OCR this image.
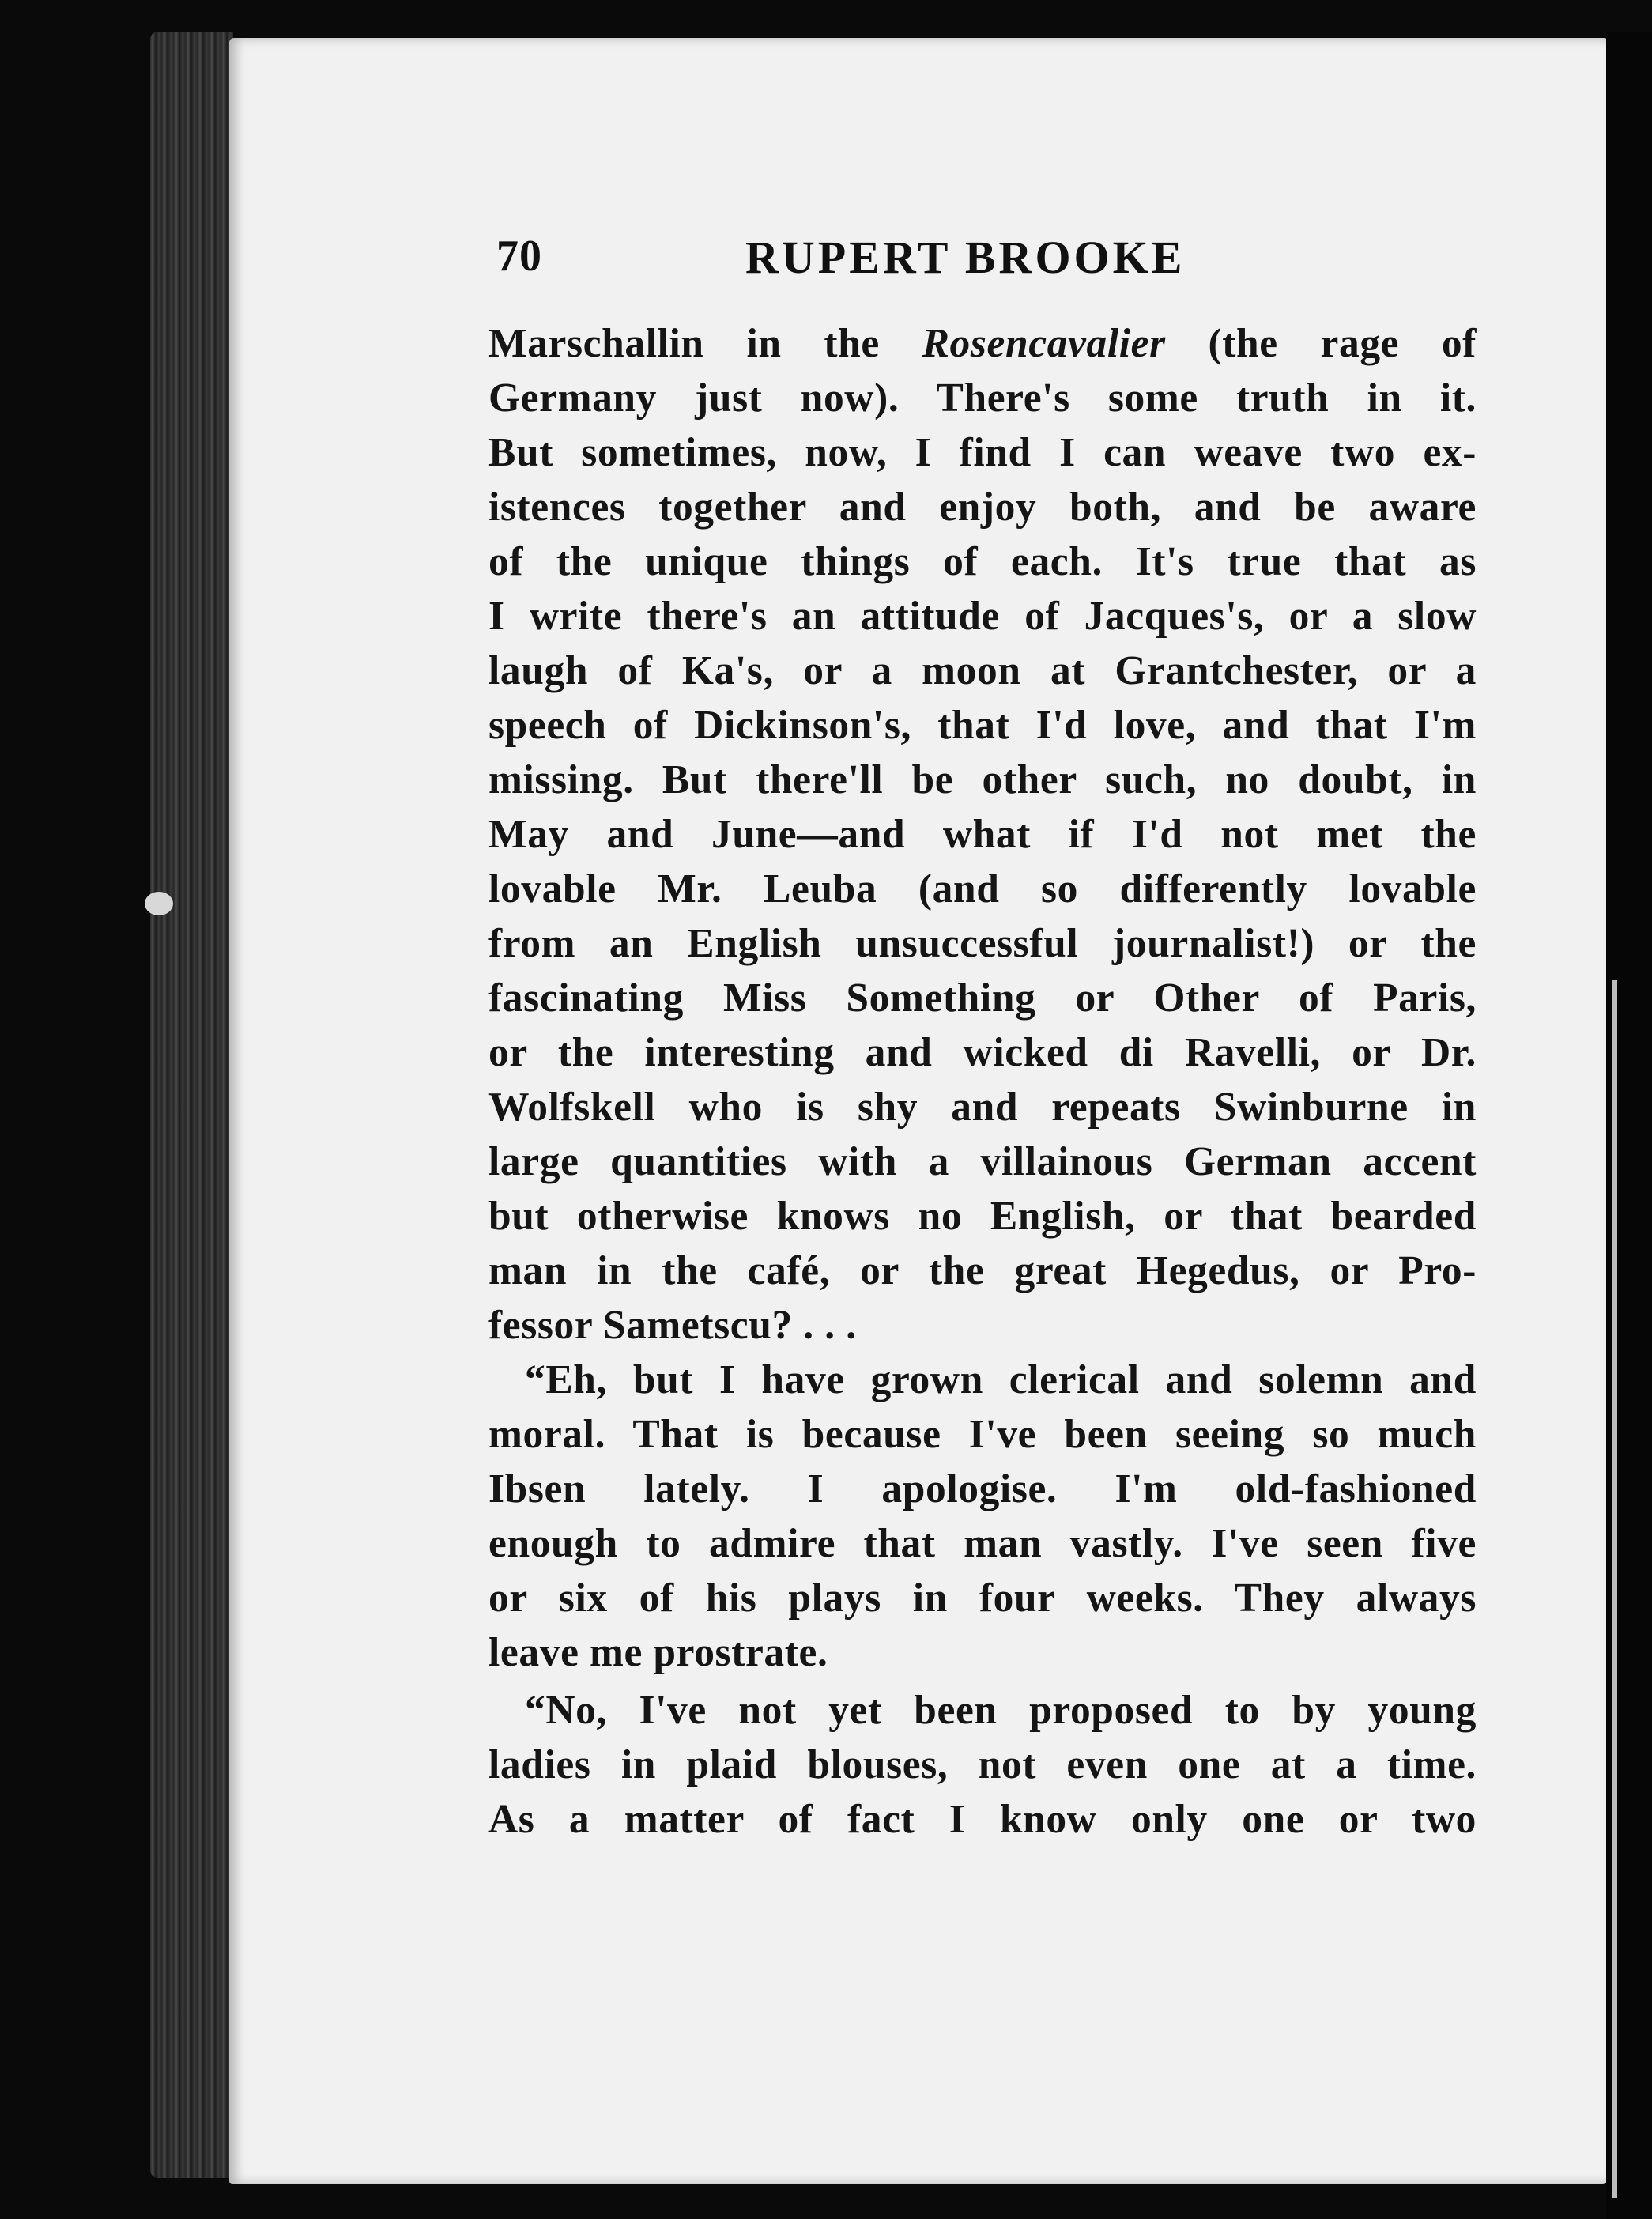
70	RUPERT BROOKE
Marschallin in the Rosencavalier (the rage of
Germany just now). There's some truth in it.
But sometimes, now, I find I can weave two ex-
istences together and enjoy both, and be aware
of the unique things of each. It's true that as
I write there's an attitude of Jacques's, or a slow
laugh of Ka's, or a moon at Grantchester, or a
speech of Dickinson's, that I'd love, and that I'm
missing. But there'll be other such, no doubt, in
May and June—and what if I'd not met the
lovable Mr. Leuba (and so differently lovable
from an English unsuccessful journalist!) or the
fascinating Miss Something or Other of Paris,
or the interesting and wicked di Ravelli, or Dr.
Wolfskell who is shy and repeats Swinburne in
large quantities with a villainous German accent
but otherwise knows no English, or that bearded
man in the café, or the great Hegedus, or Pro-
fessor Sametscu? . . .
“Eh, but I have grown clerical and solemn and
moral. That is because I've been seeing so much
Ibsen lately. I apologise. I'm old-fashioned
enough to admire that man vastly. I've seen five
or six of his plays in four weeks. They always
leave me prostrate.
“No, I've not yet been proposed to by young
ladies in plaid blouses, not even one at a time.
As a matter of fact I know only one or two
